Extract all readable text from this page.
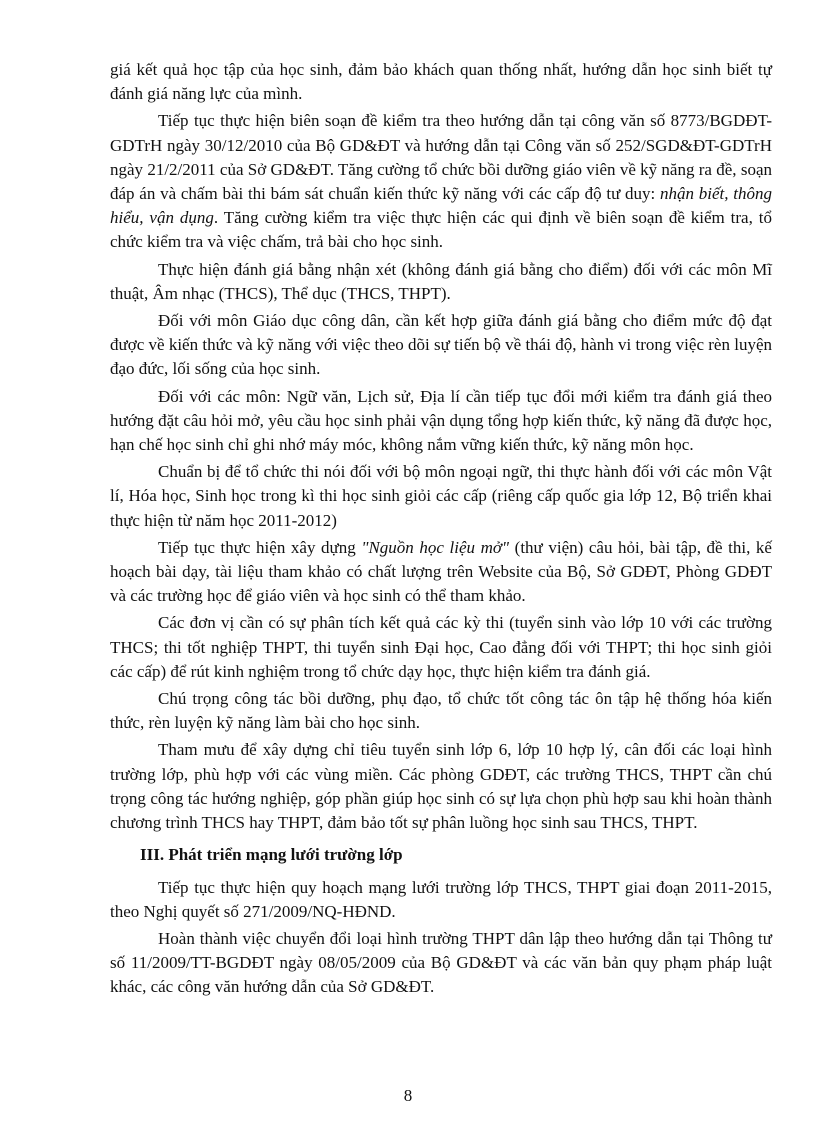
giá kết quả học tập của học sinh, đảm bảo khách quan thống nhất, hướng dẫn học sinh biết tự đánh giá năng lực của mình.

Tiếp tục thực hiện biên soạn đề kiểm tra theo hướng dẫn tại công văn số 8773/BGDĐT-GDTrH ngày 30/12/2010 của Bộ GD&ĐT và hướng dẫn tại Công văn số 252/SGD&ĐT-GDTrH ngày 21/2/2011 của Sở GD&ĐT. Tăng cường tổ chức bồi dưỡng giáo viên về kỹ năng ra đề, soạn đáp án và chấm bài thi bám sát chuẩn kiến thức kỹ năng với các cấp độ tư duy: nhận biết, thông hiểu, vận dụng. Tăng cường kiểm tra việc thực hiện các qui định về biên soạn đề kiểm tra, tổ chức kiểm tra và việc chấm, trả bài cho học sinh.

Thực hiện đánh giá bằng nhận xét (không đánh giá bằng cho điểm) đối với các môn Mĩ thuật, Âm nhạc (THCS), Thể dục (THCS, THPT).

Đối với môn Giáo dục công dân, cần kết hợp giữa đánh giá bằng cho điểm mức độ đạt được về kiến thức và kỹ năng với việc theo dõi sự tiến bộ về thái độ, hành vi trong việc rèn luyện đạo đức, lối sống của học sinh.

Đối với các môn: Ngữ văn, Lịch sử, Địa lí cần tiếp tục đổi mới kiểm tra đánh giá theo hướng đặt câu hỏi mở, yêu cầu học sinh phải vận dụng tổng hợp kiến thức, kỹ năng đã được học, hạn chế học sinh chỉ ghi nhớ máy móc, không nắm vững kiến thức, kỹ năng môn học.

Chuẩn bị để tổ chức thi nói đối với bộ môn ngoại ngữ, thi thực hành đối với các môn Vật lí, Hóa học, Sinh học trong kì thi học sinh giỏi các cấp (riêng cấp quốc gia lớp 12, Bộ triển khai thực hiện từ năm học 2011-2012)

Tiếp tục thực hiện xây dựng "Nguồn học liệu mở" (thư viện) câu hỏi, bài tập, đề thi, kế hoạch bài dạy, tài liệu tham khảo có chất lượng trên Website của Bộ, Sở GDĐT, Phòng GDĐT và các trường học để giáo viên và học sinh có thể tham khảo.

Các đơn vị cần có sự phân tích kết quả các kỳ thi (tuyển sinh vào lớp 10 với các trường THCS; thi tốt nghiệp THPT, thi tuyển sinh Đại học, Cao đẳng đối với THPT; thi học sinh giỏi các cấp) để rút kinh nghiệm trong tổ chức dạy học, thực hiện kiểm tra đánh giá.

Chú trọng công tác bồi dưỡng, phụ đạo, tổ chức tốt công tác ôn tập hệ thống hóa kiến thức, rèn luyện kỹ năng làm bài cho học sinh.

Tham mưu để xây dựng chỉ tiêu tuyển sinh lớp 6, lớp 10 hợp lý, cân đối các loại hình trường lớp, phù hợp với các vùng miền. Các phòng GDĐT, các trường THCS, THPT cần chú trọng công tác hướng nghiệp, góp phần giúp học sinh có sự lựa chọn phù hợp sau khi hoàn thành chương trình THCS hay THPT, đảm bảo tốt sự phân luồng học sinh sau THCS, THPT.

III. Phát triển mạng lưới trường lớp

Tiếp tục thực hiện quy hoạch mạng lưới trường lớp THCS, THPT giai đoạn 2011-2015, theo Nghị quyết số 271/2009/NQ-HĐND.

Hoàn thành việc chuyển đổi loại hình trường THPT dân lập theo hướng dẫn tại Thông tư số 11/2009/TT-BGDĐT ngày 08/05/2009 của Bộ GD&ĐT và các văn bản quy phạm pháp luật khác, các công văn hướng dẫn của Sở GD&ĐT.

8
